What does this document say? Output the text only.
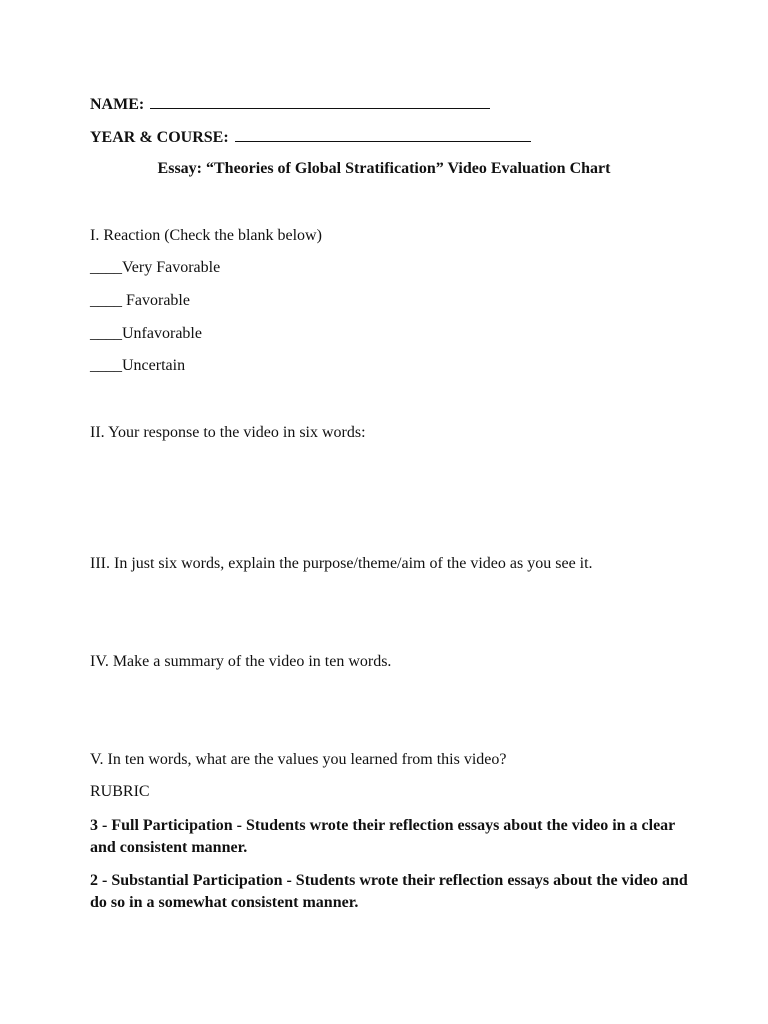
NAME:
YEAR & COURSE:
Essay: “Theories of Global Stratification” Video Evaluation Chart
I. Reaction (Check the blank below)
____Very Favorable
____ Favorable
____Unfavorable
____Uncertain
II. Your response to the video in six words:
III. In just six words, explain the purpose/theme/aim of the video as you see it.
IV. Make a summary of the video in ten words.
V. In ten words, what are the values you learned from this video?
RUBRIC
3 - Full Participation - Students wrote their reflection essays about the video in a clear and consistent manner.
2 - Substantial Participation - Students wrote their reflection essays about the video and do so in a somewhat consistent manner.
